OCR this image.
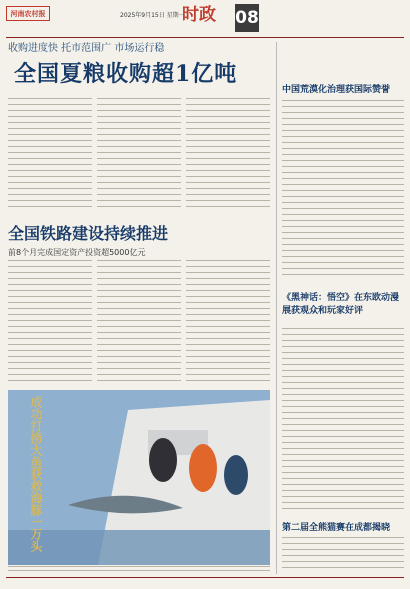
河南农村报	2025年9月15日 星期一
时政 08
收购进度快 托市范围广 市场运行稳
全国夏粮收购超1亿吨
全国铁路建设持续推进
前8个月完成国定资产投资超5000亿元
成功打捞大鱼获救海豚一万头
中国荒漠化治理获国际赞誉
《黑神话：悟空》在东欧动漫展获观众和玩家好评
第二届全熊猫赛在成都揭晓
